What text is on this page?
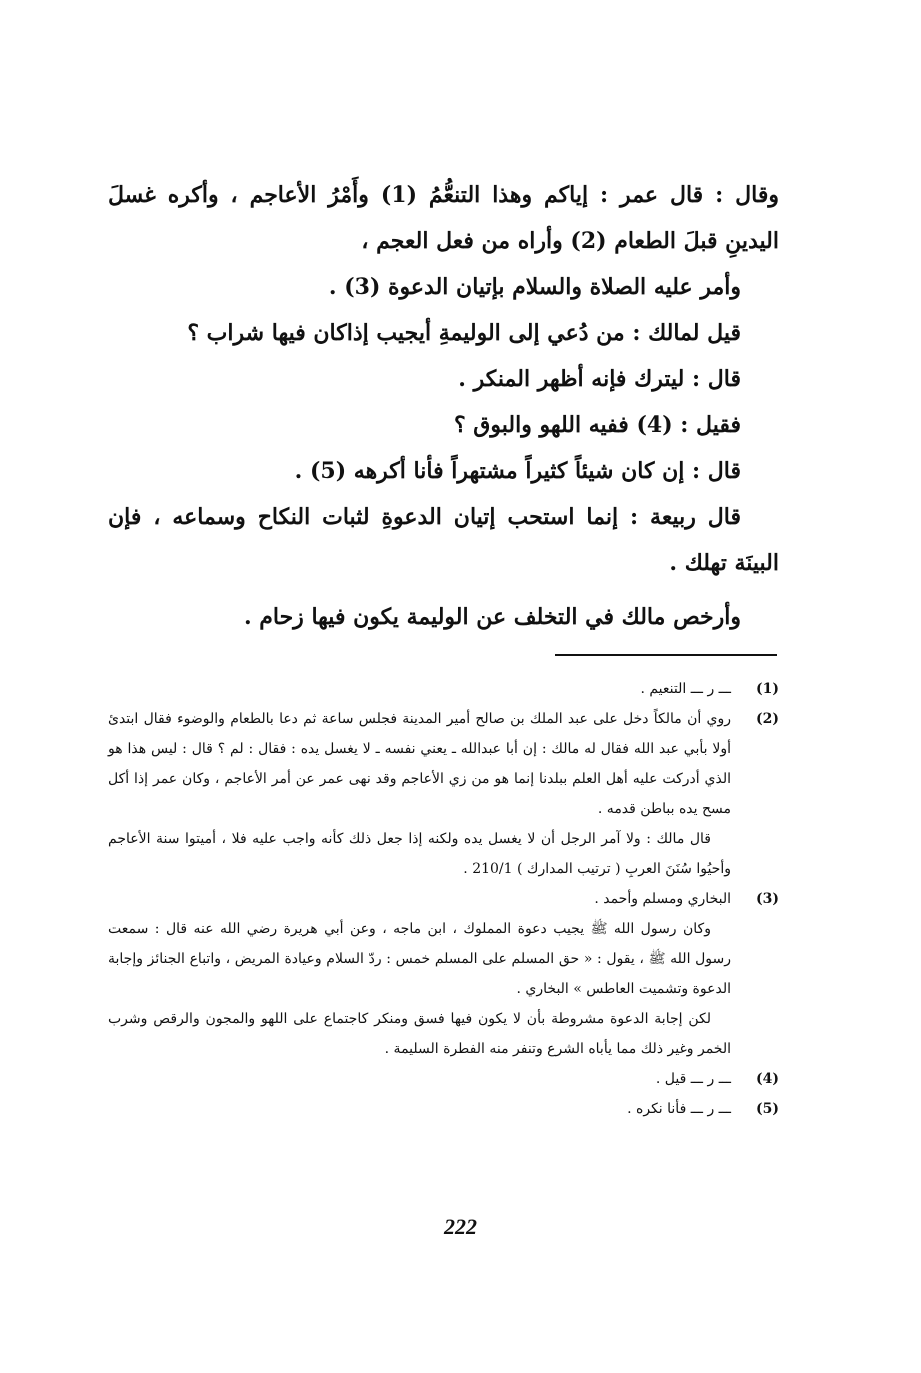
وقال : قال عمر : إياكم وهذا التنعُّمُ (1) وأَمْرُ الأعاجم ، وأكره غسلَ اليدينِ قبلَ الطعام (2) وأراه من فعل العجم ،

وأمر عليه الصلاة والسلام بإتيان الدعوة (3) .

قيل لمالك : من دُعي إلى الوليمةِ أيجيب إذاكان فيها شراب ؟

قال : ليترك فإنه أظهر المنكر .

فقيل : (4) ففيه اللهو والبوق ؟

قال : إن كان شيئاً كثيراً مشتهراً فأنا أكرهه (5) .

قال ربيعة : إنما استحب إتيان الدعوةِ لثبات النكاح وسماعه ، فإن البينَة تهلك .

وأرخص مالك في التخلف عن الوليمة يكون فيها زحام .

(1)
ـــ ر ـــ التنعيم .
(2)
روي أن مالكاً دخل على عبد الملك بن صالح أمير المدينة فجلس ساعة ثم دعا بالطعام والوضوء فقال ابتدئ أولا بأبي عبد الله فقال له مالك : إن أبا عبدالله ـ يعني نفسه ـ لا يغسل يده : فقال : لم ؟ قال : ليس هذا هو الذي أدركت عليه أهل العلم ببلدنا إنما هو من زي الأعاجم وقد نهى عمر عن أمر الأعاجم ، وكان عمر إذا أكل مسح يده بباطن قدمه .

قال مالك : ولا آمر الرجل أن لا يغسل يده ولكنه إذا جعل ذلك كأنه واجب عليه فلا ، أميتوا سنة الأعاجم وأحيُوا سُنَنَ العربِ ( ترتيب المدارك ) 210/1 .

(3)
البخاري ومسلم وأحمد .

وكان رسول الله ﷺ يجيب دعوة المملوك ، ابن ماجه ، وعن أبي هريرة رضي الله عنه قال : سمعت رسول الله ﷺ ، يقول : « حق المسلم على المسلم خمس : ردّ السلام وعيادة المريض ، واتباع الجنائز وإجابة الدعوة وتشميت العاطس » البخاري .

لكن إجابة الدعوة مشروطة بأن لا يكون فيها فسق ومنكر كاجتماع على اللهو والمجون والرقص وشرب الخمر وغير ذلك مما يأباه الشرع وتنفر منه الفطرة السليمة .

(4)
ـــ ر ـــ قيل .
(5)
ـــ ر ـــ فأنا نكره .
222
